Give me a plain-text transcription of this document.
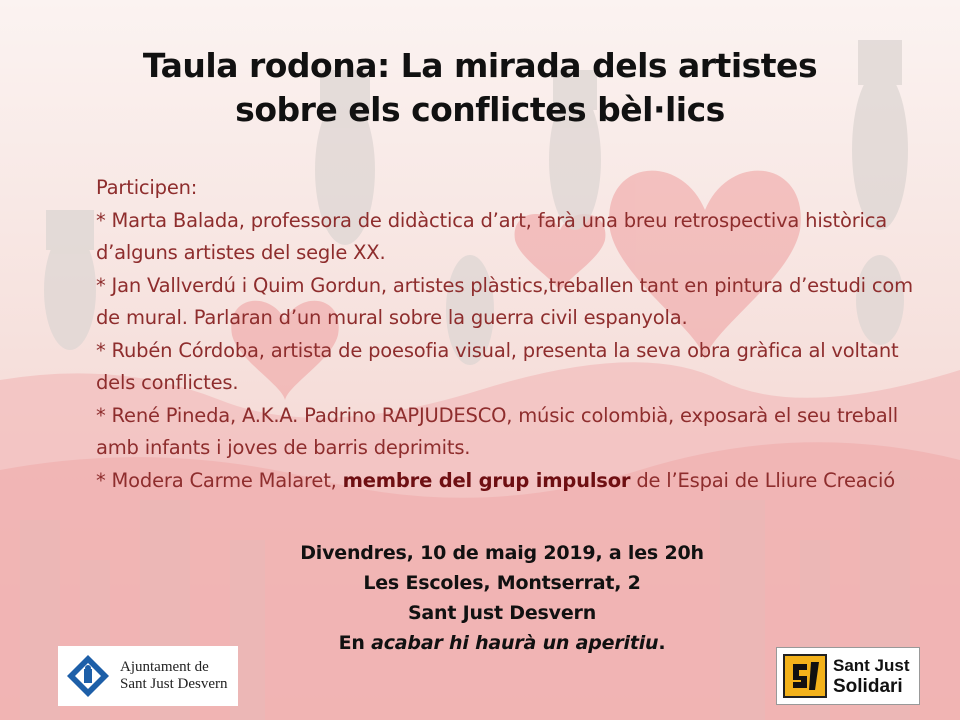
Taula rodona: La mirada dels artistes
sobre els conflictes bèl·lics
Participen:
* Marta Balada, professora de didàctica d’art, farà una breu retrospectiva històrica d’alguns artistes del segle XX.
* Jan Vallverdú i Quim Gordun, artistes plàstics,treballen tant en pintura d’estudi com de mural. Parlaran d’un mural sobre la guerra civil espanyola.
* Rubén Córdoba, artista de poesofia visual, presenta la seva obra gràfica al voltant dels conflictes.
* René Pineda, A.K.A. Padrino RAPJUDESCO, músic colombià, exposarà el seu treball amb infants i joves de barris deprimits.
* Modera Carme Malaret, membre del grup impulsor de l’Espai de Lliure Creació
Divendres, 10 de maig 2019, a les 20h
Les Escoles, Montserrat, 2
Sant Just Desvern
En acabar hi haurà un aperitiu.
Ajuntament de
Sant Just Desvern
Sant Just
Solidari
